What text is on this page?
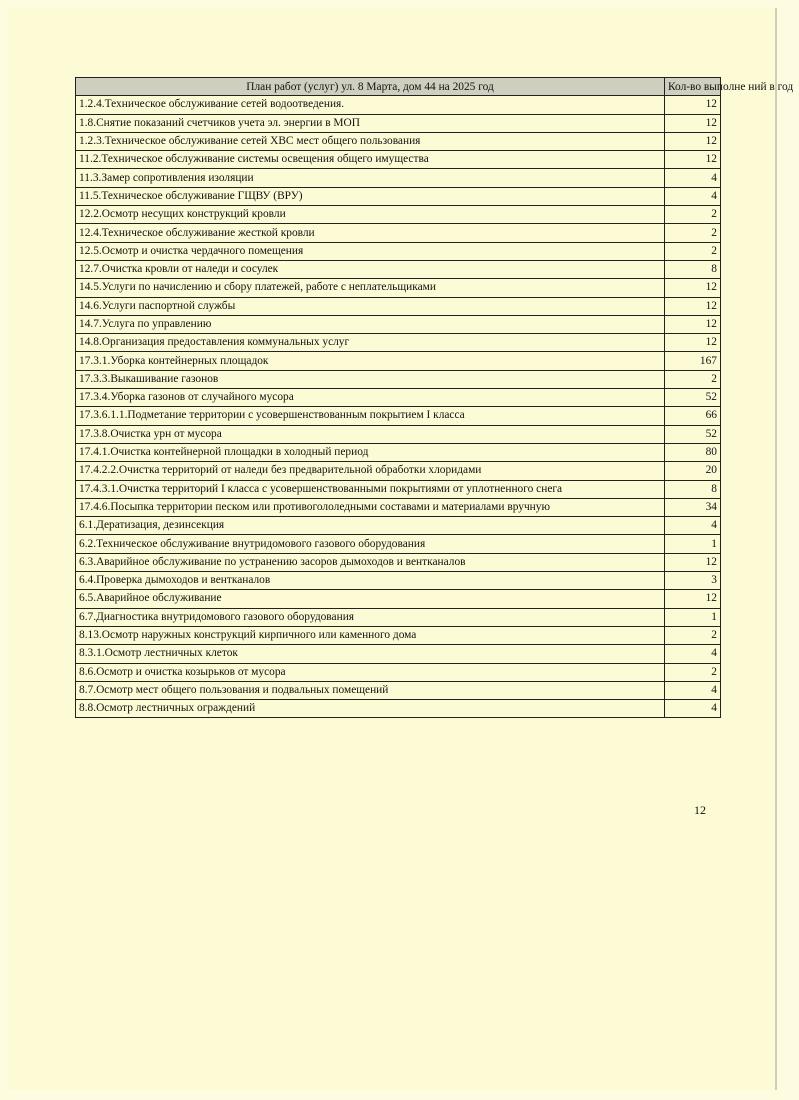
План работ (услуг) ул. 8 Марта, дом 44 на 2025 год	Кол-во выполне ний в год
1.2.4.Техническое обслуживание сетей водоотведения.	12
1.8.Снятие показаний счетчиков учета эл. энергии в МОП	12
1.2.3.Техническое обслуживание сетей ХВС мест общего пользования	12
11.2.Техническое обслуживание системы освещения общего имущества	12
11.3.Замер сопротивления изоляции	4
11.5.Техническое обслуживание ГЩВУ (ВРУ)	4
12.2.Осмотр несущих конструкций кровли	2
12.4.Техническое обслуживание жесткой кровли	2
12.5.Осмотр и очистка чердачного помещения	2
12.7.Очистка кровли от наледи и сосулек	8
14.5.Услуги по начислению и сбору платежей, работе с неплательщиками	12
14.6.Услуги паспортной службы	12
14.7.Услуга по управлению	12
14.8.Организация предоставления коммунальных услуг	12
17.3.1.Уборка контейнерных площадок	167
17.3.3.Выкашивание газонов	2
17.3.4.Уборка газонов от случайного мусора	52
17.3.6.1.1.Подметание территории с усовершенствованным покрытием I класса	66
17.3.8.Очистка урн от мусора	52
17.4.1.Очистка контейнерной площадки в холодный период	80
17.4.2.2.Очистка территорий от наледи без предварительной обработки хлоридами	20
17.4.3.1.Очистка территорий I класса с усовершенствованными покрытиями от уплотненного снега	8
17.4.6.Посыпка территории песком или противогололедными составами и материалами вручную	34
6.1.Дератизация, дезинсекция	4
6.2.Техническое обслуживание внутридомового газового оборудования	1
6.3.Аварийное обслуживание по устранению засоров дымоходов и вентканалов	12
6.4.Проверка дымоходов и вентканалов	3
6.5.Аварийное обслуживание	12
6.7.Диагностика внутридомового газового оборудования	1
8.13.Осмотр наружных конструкций кирпичного или каменного дома	2
8.3.1.Осмотр лестничных клеток	4
8.6.Осмотр и очистка козырьков от мусора	2
8.7.Осмотр мест общего пользования и подвальных помещений	4
8.8.Осмотр лестничных ограждений	4
12
